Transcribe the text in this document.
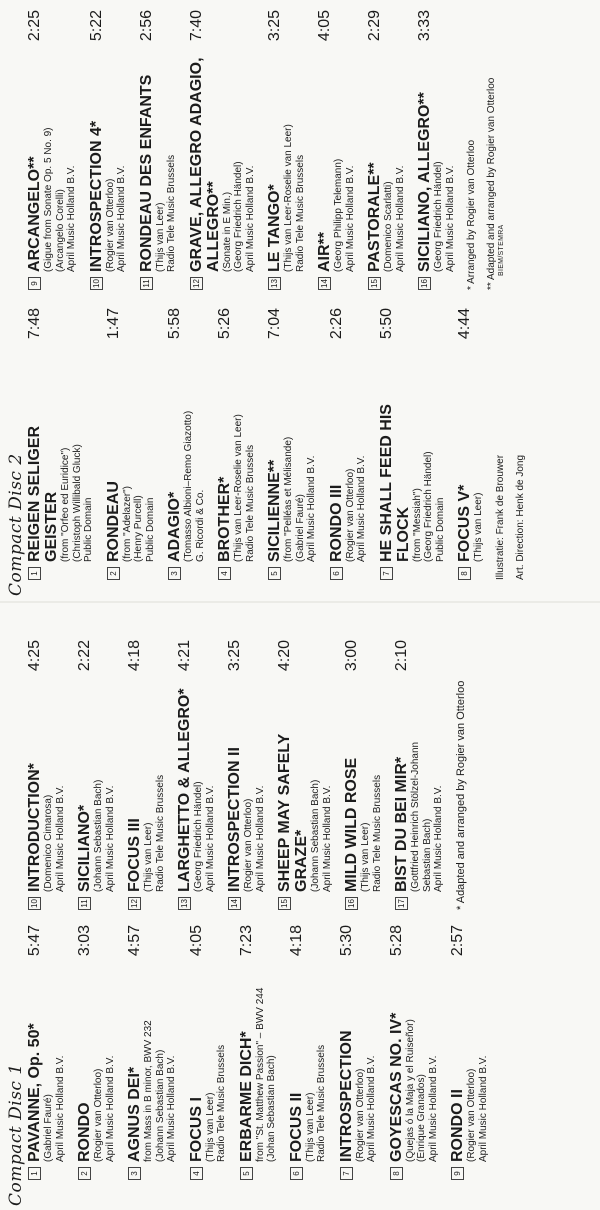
Compact Disc 1 1
PAVANNE, Op. 50*
5:47
(Gabriel Fauré) April Music Holland B.V.
2
RONDO
3:03
(Rogier van Otterloo) April Music Holland B.V.
3
AGNUS DEI*
4:57
from Mass in B minor, BWV 232 (Johann Sebastian Bach) April Music Holland B.V.
4
FOCUS I
4:05
(Thijs van Leer) Radio Tele Music Brussels
5
ERBARME DICH*
7:23
from "St. Matthew Passion" – BWV 244 (Johan Sebastian Bach)
6
FOCUS II
4:18
(Thijs van Leer) Radio Tele Music Brussels
7
INTROSPECTION
5:30
(Rogier van Otterloo) April Music Holland B.V.
8
GOYESCAS NO. IV*
5:28
(Quejas ó la Maja y el Ruiseñor) (Enrique Granados) April Music Holland B.V.
9
RONDO II
2:57
(Rogier van Otterloo) April Music Holland B.V.
10
INTRODUCTION*
4:25
(Domenico Cimarosa) April Music Holland B.V.
11
SICILIANO*
2:22
(Johann Sebastian Bach) April Music Holland B.V.
12
FOCUS III
4:18
(Thijs van Leer) Radio Tele Music Brussels
13
LARGHETTO & ALLEGRO*
4:21
(Georg Friedrich Händel) April Music Holland B.V.
14
INTROSPECTION II
3:25
(Rogier van Otterloo) April Music Holland B.V.
15
SHEEP MAY SAFELY GRAZE*
4:20
(Johann Sebastian Bach) April Music Holland B.V.
16
MILD WILD ROSE
3:00
(Thijs van Leer) Radio Tele Music Brussels
17
BIST DU BEI MIR*
2:10
(Gottfried Heinrich Stölzel-Johann Sebastian Bach) April Music Holland B.V. * Adapted and arranged by Rogier van Otterloo
Compact Disc 2 1
REIGEN SELIGER GEISTER
7:48
(from "Orfeo ed Euridice") (Christoph Willibald Gluck) Public Domain
2
RONDEAU
1:47
(from "Adelazer") (Henry Purcell) Public Domain
3
ADAGIO*
5:58
(Tomasso Albioni–Remo Giazotto) G. Ricordi & Co.
4
BROTHER*
5:26
(Thijs van Leer-Roselie van Leer) Radio Tele Music Brussels
5
SICILIENNE**
7:04
(from "Pelléas et Mélisande) (Gabriel Fauré) April Music Holland B.V.
6
RONDO III
2:26
(Rogier van Otterloo) April Music Holland B.V.
7
HE SHALL FEED HIS FLOCK
5:50
(from "Messiah") (Georg Friedrich Händel) Public Domain
8
FOCUS V*
4:44
(Thijs van Leer) Illustratie: Frank de Brouwer Art. Direction: Henk de Jong
9
ARCANGELO**
2:25
(Gigue from Sonate Op. 5 No. 9) (Arcangelo Corelli) April Music Holland B.V.
10
INTROSPECTION 4*
5:22
(Rogier van Otterloo) April Music Holland B.V.
11
RONDEAU DES ENFANTS
2:56
(Thijs van Leer) Radio Tele Music Brussels
12
GRAVE, ALLEGRO ADAGIO, ALLEGRO**
7:40
(Sonate in E Min.) (Georg Friedrich Händel) April Music Holland B.V.
13
LE TANGO*
3:25
(Thijs van Leer-Roselie van Leer) Radio Tele Music Brussels
14
AIR**
4:05
(Georg Philipp Telemann) April Music Holland B.V.
15
PASTORALE**
2:29
(Domenico Scarlatti) April Music Holland B.V.
16
SICILIANO, ALLEGRO**
3:33
(Georg Friedrich Händel) April Music Holland B.V. * Arranged by Rogier van Otterloo ** Adapted and arranged by Rogier van Otterloo BIEM/STEMRA
